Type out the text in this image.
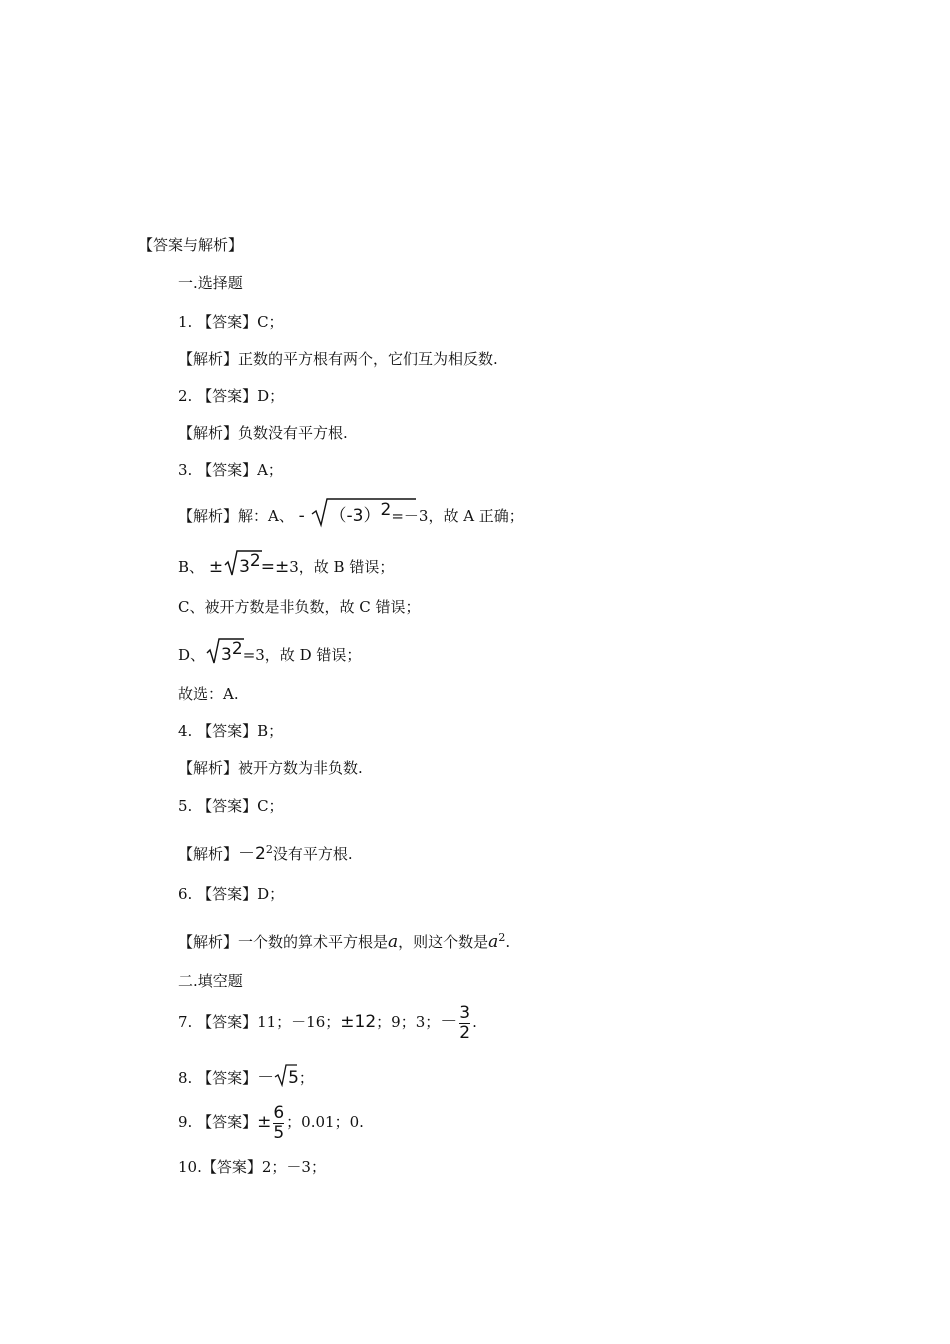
【答案与解析】
一.选择题
1. 【答案】C；
【解析】正数的平方根有两个，它们互为相反数.
2. 【答案】D；
【解析】负数没有平方根.
3. 【答案】A；
【解析】解：A、 - $(-3)^2=-3$，故 A 正确；
B、 ± $3^2=\pm 3$，故 B 错误；
C、被开方数是非负数，故 C 错误；
D、 $3^2=3$，故 D 错误；
故选：A.
4. 【答案】B；
【解析】被开方数为非负数.
5. 【答案】C；
【解析】$-2^2$没有平方根.
6. 【答案】D；
【解析】一个数的算术平方根是a，则这个数是$a^2$.
二.填空题
7. 【答案】11；－16；±12；9；3；－ $\frac{3}{2}$ .
8. 【答案】－ 5；
9. 【答案】± $\frac{6}{5}$ ；0.01；0.
10.【答案】2；－3；
